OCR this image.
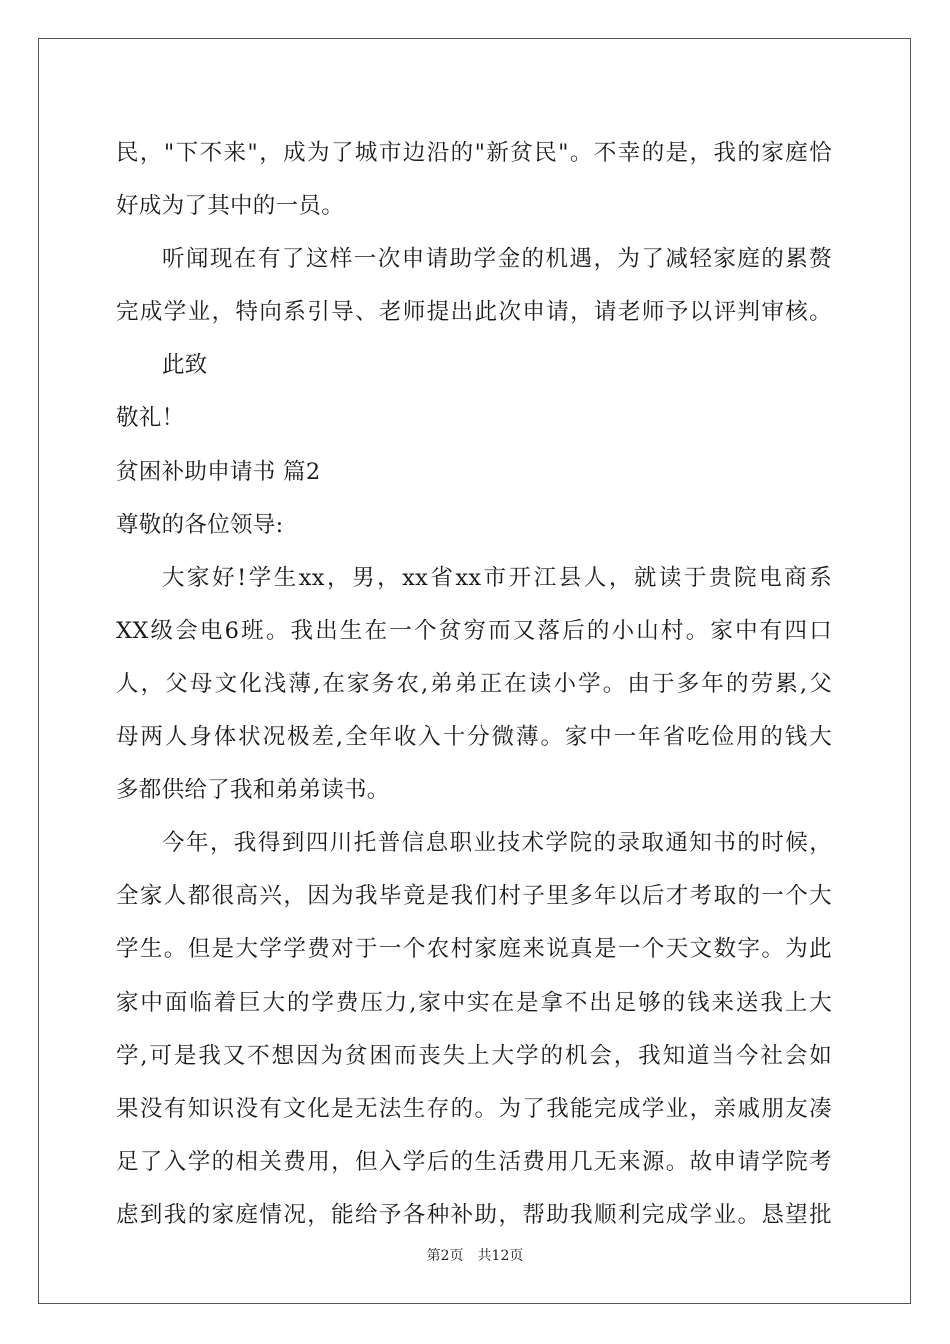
民，"下不来"，成为了城市边沿的"新贫民"。不幸的是，我的家庭恰
好成为了其中的一员。
听闻现在有了这样一次申请助学金的机遇，为了减轻家庭的累赘
完成学业，特向系引导、老师提出此次申请，请老师予以评判审核。
此致
敬礼！
贫困补助申请书 篇2
尊敬的各位领导:
大家好!学生xx，男，xx省xx市开江县人，就读于贵院电商系
XX级会电6班。我出生在一个贫穷而又落后的小山村。家中有四口
人，父母文化浅薄,在家务农,弟弟正在读小学。由于多年的劳累,父
母两人身体状况极差,全年收入十分微薄。家中一年省吃俭用的钱大
多都供给了我和弟弟读书。
今年，我得到四川托普信息职业技术学院的录取通知书的时候，
全家人都很高兴，因为我毕竟是我们村子里多年以后才考取的一个大
学生。但是大学学费对于一个农村家庭来说真是一个天文数字。为此
家中面临着巨大的学费压力,家中实在是拿不出足够的钱来送我上大
学,可是我又不想因为贫困而丧失上大学的机会，我知道当今社会如
果没有知识没有文化是无法生存的。为了我能完成学业，亲戚朋友凑
足了入学的相关费用，但入学后的生活费用几无来源。故申请学院考
虑到我的家庭情况，能给予各种补助，帮助我顺利完成学业。恳望批
第2页 共12页
